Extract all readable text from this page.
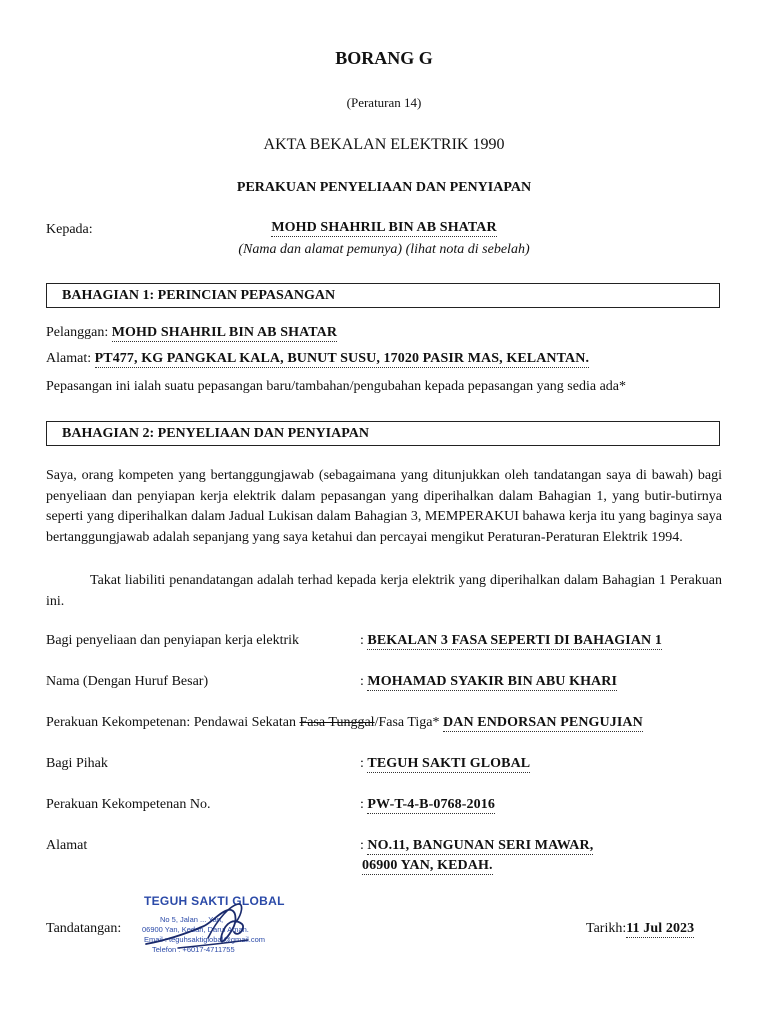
BORANG G
(Peraturan 14)
AKTA BEKALAN ELEKTRIK 1990
PERAKUAN PENYELIAAN DAN PENYIAPAN
Kepada:	MOHD SHAHRIL BIN AB SHATAR
(Nama dan alamat pemunya) (lihat nota di sebelah)
BAHAGIAN 1: PERINCIAN PEPASANGAN
Pelanggan: MOHD SHAHRIL BIN AB SHATAR
Alamat: PT477, KG PANGKAL KALA, BUNUT SUSU, 17020 PASIR MAS, KELANTAN.
Pepasangan ini ialah suatu pepasangan baru/tambahan/pengubahan kepada pepasangan yang sedia ada*
BAHAGIAN 2: PENYELIAAN DAN PENYIAPAN
Saya, orang kompeten yang bertanggungjawab (sebagaimana yang ditunjukkan oleh tandatangan saya di bawah) bagi penyeliaan dan penyiapan kerja elektrik dalam pepasangan yang diperihalkan dalam Bahagian 1, yang butir-butirnya seperti yang diperihalkan dalam Jadual Lukisan dalam Bahagian 3, MEMPERAKUI bahawa kerja itu yang baginya saya bertanggungjawab adalah sepanjang yang saya ketahui dan percayai mengikut Peraturan-Peraturan Elektrik 1994.
Takat liabiliti penandatangan adalah terhad kepada kerja elektrik yang diperihalkan dalam Bahagian 1 Perakuan ini.
Bagi penyeliaan dan penyiapan kerja elektrik	: BEKALAN 3 FASA SEPERTI DI BAHAGIAN 1
Nama (Dengan Huruf Besar)	: MOHAMAD SYAKIR BIN ABU KHARI
Perakuan Kekompetenan: Pendawai Sekatan Fasa Tunggal/Fasa Tiga* DAN ENDORSAN PENGUJIAN
Bagi Pihak	: TEGUH SAKTI GLOBAL
Perakuan Kekompetenan No.	: PW-T-4-B-0768-2016
Alamat	: NO.11, BANGUNAN SERI MAWAR,
06900 YAN, KEDAH.
TEGUH SAKTI GLOBAL
No 5, Jalan ... Yan,
06900 Yan, Kedah, Darul Aman.
Email : teguhsaktiglobal@gmail.com
Telefon : +6017-4711755
Tandatangan:	Tarikh:11 Jul 2023
